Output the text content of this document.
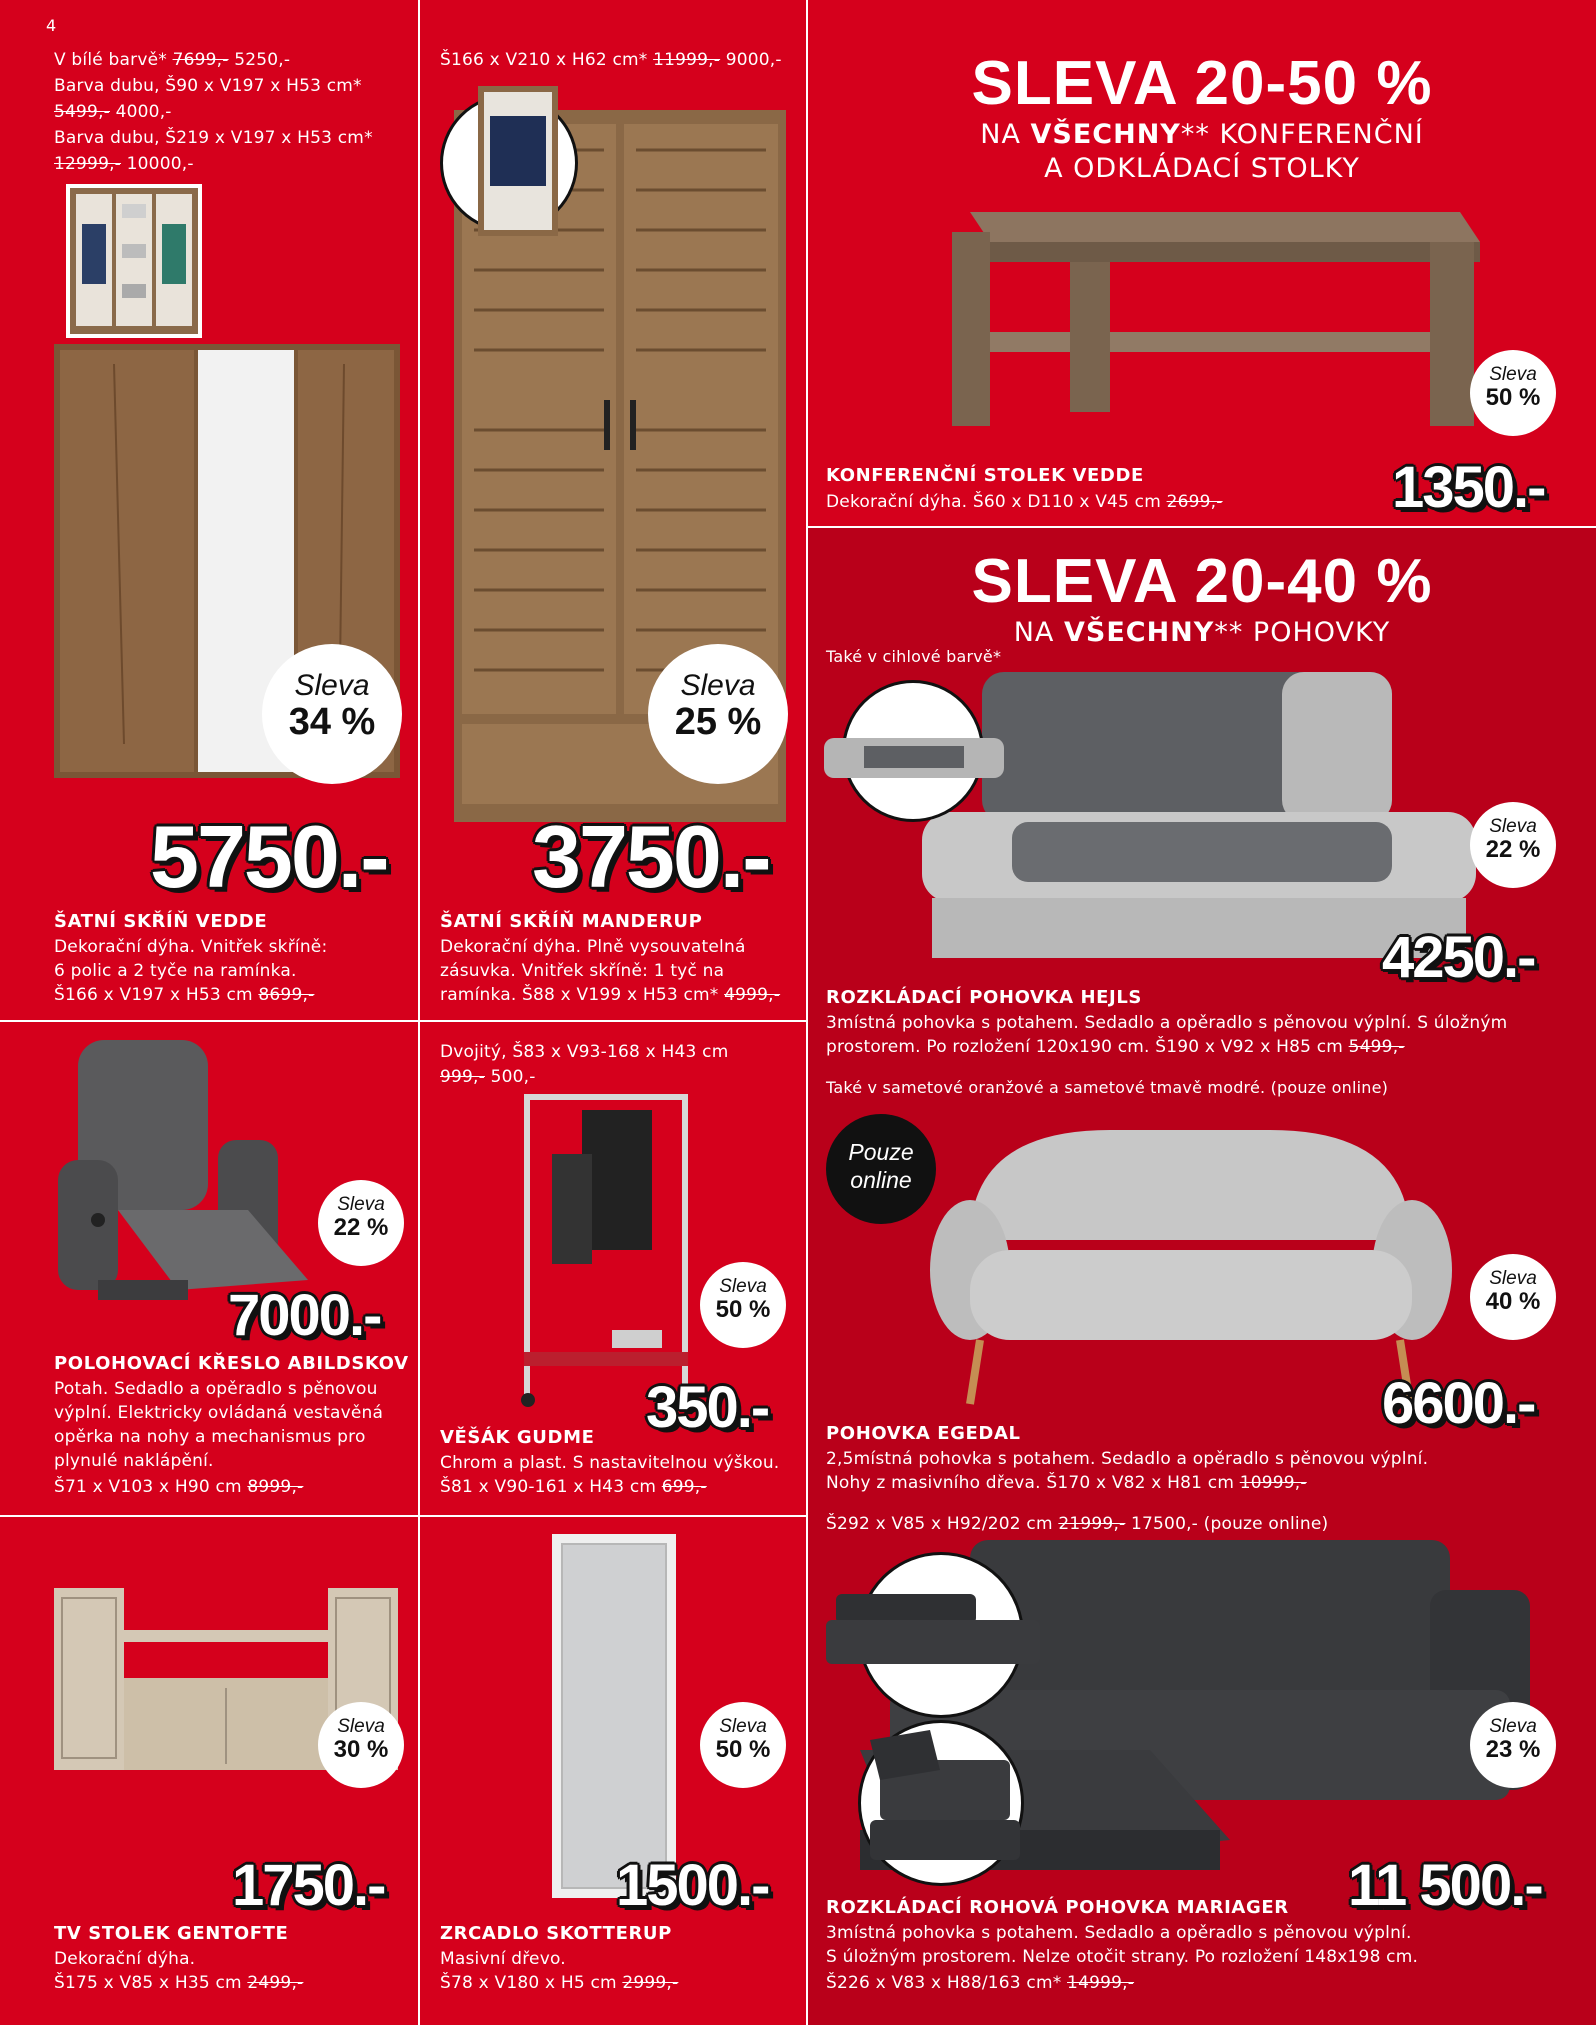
4
V bílé barvě* 7699,- 5250,-
Barva dubu, Š90 x V197 x H53 cm*
5499,- 4000,-
Barva dubu, Š219 x V197 x H53 cm*
12999,- 10000,-
Sleva
34 %
5750.-
ŠATNÍ SKŘÍŇ VEDDE
Dekorační dýha. Vnitřek skříně:
6 polic a 2 tyče na ramínka.
Š166 x V197 x H53 cm 8699,-
Š166 x V210 x H62 cm* 11999,- 9000,-
Sleva
25 %
3750.-
ŠATNÍ SKŘÍŇ MANDERUP
Dekorační dýha. Plně vysouvatelná
zásuvka. Vnitřek skříně: 1 tyč na
ramínka. Š88 x V199 x H53 cm* 4999,-
SLEVA 20-50 %
NA VŠECHNY** KONFERENČNÍ
A ODKLÁDACÍ STOLKY
Sleva
50 %
1350.-
KONFERENČNÍ STOLEK VEDDE
Dekorační dýha. Š60 x D110 x V45 cm 2699,-
SLEVA 20-40 %
NA VŠECHNY** POHOVKY
Také v cihlové barvě*
Sleva
22 %
4250.-
ROZKLÁDACÍ POHOVKA HEJLS
3místná pohovka s potahem. Sedadlo a opěradlo s pěnovou výplní. S úložným
prostorem. Po rozložení 120x190 cm. Š190 x V92 x H85 cm 5499,-
Sleva
22 %
7000.-
POLOHOVACÍ KŘESLO ABILDSKOV
Potah. Sedadlo a opěradlo s pěnovou
výplní. Elektricky ovládaná vestavěná
opěrka na nohy a mechanismus pro
plynulé naklápění.
Š71 x V103 x H90 cm 8999,-
Dvojitý, Š83 x V93-168 x H43 cm
999,- 500,-
Sleva
50 %
350.-
VĚŠÁK GUDME
Chrom a plast. S nastavitelnou výškou.
Š81 x V90-161 x H43 cm 699,-
Také v sametové oranžové a sametové tmavě modré. (pouze online)
Pouze
online
Sleva
40 %
6600.-
POHOVKA EGEDAL
2,5místná pohovka s potahem. Sedadlo a opěradlo s pěnovou výplní.
Nohy z masivního dřeva. Š170 x V82 x H81 cm 10999,-
Sleva
30 %
1750.-
TV STOLEK GENTOFTE
Dekorační dýha.
Š175 x V85 x H35 cm 2499,-
Sleva
50 %
1500.-
ZRCADLO SKOTTERUP
Masivní dřevo.
Š78 x V180 x H5 cm 2999,-
Š292 x V85 x H92/202 cm 21999,- 17500,- (pouze online)
Sleva
23 %
11 500.-
ROZKLÁDACÍ ROHOVÁ POHOVKA MARIAGER
3místná pohovka s potahem. Sedadlo a opěradlo s pěnovou výplní.
S úložným prostorem. Nelze otočit strany. Po rozložení 148x198 cm.
Š226 x V83 x H88/163 cm* 14999,-
